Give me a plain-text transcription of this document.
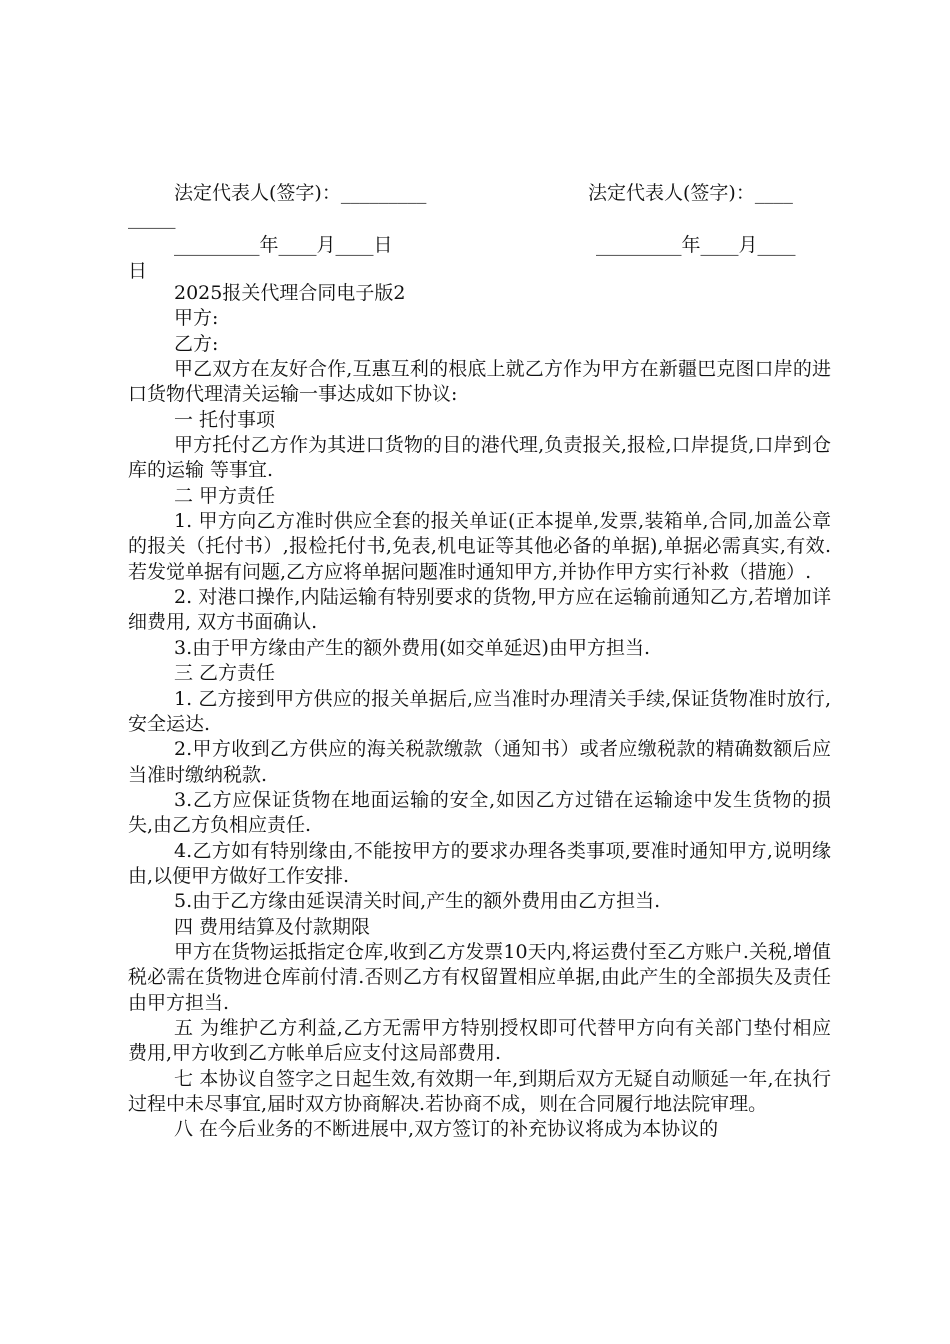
法定代表人(签字)：_________	法定代表人(签字)：____
_____
_________年____月____日	_________年____月____
日

2025报关代理合同电子版2

甲方:

乙方:

甲乙双方在友好合作,互惠互利的根底上就乙方作为甲方在新疆巴克图口岸的进口货物代理清关运输一事达成如下协议:

一 托付事项

甲方托付乙方作为其进口货物的目的港代理,负责报关,报检,口岸提货,口岸到仓库的运输 等事宜.

二 甲方责任

1. 甲方向乙方准时供应全套的报关单证(正本提单,发票,装箱单,合同,加盖公章的报关（托付书）,报检托付书,免表,机电证等其他必备的单据),单据必需真实,有效. 若发觉单据有问题,乙方应将单据问题准时通知甲方,并协作甲方实行补救（措施）.

2. 对港口操作,内陆运输有特别要求的货物,甲方应在运输前通知乙方,若增加详细费用, 双方书面确认.

3.由于甲方缘由产生的额外费用(如交单延迟)由甲方担当.

三 乙方责任

1. 乙方接到甲方供应的报关单据后,应当准时办理清关手续,保证货物准时放行,安全运达.

2.甲方收到乙方供应的海关税款缴款（通知书）或者应缴税款的精确数额后应当准时缴纳税款.

3.乙方应保证货物在地面运输的安全,如因乙方过错在运输途中发生货物的损失,由乙方负相应责任.

4.乙方如有特别缘由,不能按甲方的要求办理各类事项,要准时通知甲方,说明缘由,以便甲方做好工作安排.

5.由于乙方缘由延误清关时间,产生的额外费用由乙方担当.

四 费用结算及付款期限

甲方在货物运抵指定仓库,收到乙方发票10天内,将运费付至乙方账户.关税,增值税必需在货物进仓库前付清.否则乙方有权留置相应单据,由此产生的全部损失及责任由甲方担当.

五 为维护乙方利益,乙方无需甲方特别授权即可代替甲方向有关部门垫付相应费用,甲方收到乙方帐单后应支付这局部费用.

七 本协议自签字之日起生效,有效期一年,到期后双方无疑自动顺延一年,在执行过程中未尽事宜,届时双方协商解决.若协商不成，则在合同履行地法院审理。

八 在今后业务的不断进展中,双方签订的补充协议将成为本协议的
